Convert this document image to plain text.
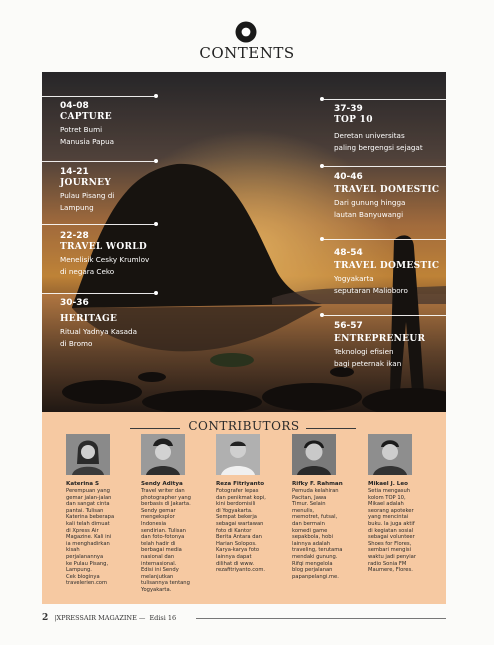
CONTENTS
04-08
CAPTURE
Potret Bumi
Manusia Papua
14-21
JOURNEY
Pulau Pisang di
Lampung
22-28
TRAVEL WORLD
Menelisik Cesky Krumlov
di negara Ceko
30-36
HERITAGE
Ritual Yadnya Kasada
di Bromo
37-39
TOP 10
Deretan universitas
paling bergengsi sejagat
40-46
TRAVEL DOMESTIC
Dari gunung hingga
lautan Banyuwangi
48-54
TRAVEL DOMESTIC
Yogyakarta
seputaran Malioboro
56-57
ENTREPRENEUR
Teknologi efisien
bagi peternak ikan
CONTRIBUTORS
Katerina S
Perempuan yang
gemar jalan-jalan
dan sangat cinta
pantai. Tulisan
Katerina beberapa
kali telah dimuat
di Xpress Air
Magazine. Kali ini
ia menghadirkan
kisah
perjalanannya
ke Pulau Pisang,
Lampung.
Cek bloginya
travelerien.com
Sendy Aditya
Travel writer dan
photographer yang
berbasis di Jakarta.
Sendy gemar
mengeksplor
Indonesia
sendirian. Tulisan
dan foto-fotonya
telah hadir di
berbagai media
nasional dan
internasional.
Edisi ini Sendy
melanjutkan
tulisannya tentang
Yogyakarta.
Reza Fitriyanto
Fotografer lepas
dan penikmat kopi,
kini berdomisili
di Yogyakarta.
Sempat bekerja
sebagai wartawan
foto di Kantor
Berita Antara dan
Harian Solopos.
Karya-karya foto
lainnya dapat
dilihat di www.
rezafitriyanto.com.
Rifky F. Rahman
Pemuda kelahiran
Pacitan, Jawa
Timur. Selain
menulis,
memotret, futsal,
dan bermain
komedi game
sepakbola, hobi
lainnya adalah
traveling, terutama
mendaki gunung.
Rifqi mengelola
blog perjalanan
papanpelangi.me.
Mikael J. Leo
Setia mengasuh
kolom TOP 10,
Mikael adalah
seorang apoteker
yang mencintai
buku. Ia juga aktif
di kegiatan sosial
sebagai volunteer
Shoes for Flores,
sembari mengisi
waktu jadi penyiar
radio Sonia FM
Maumere, Flores.
2 |XPRESSAIR MAGAZINE — Edisi 16
